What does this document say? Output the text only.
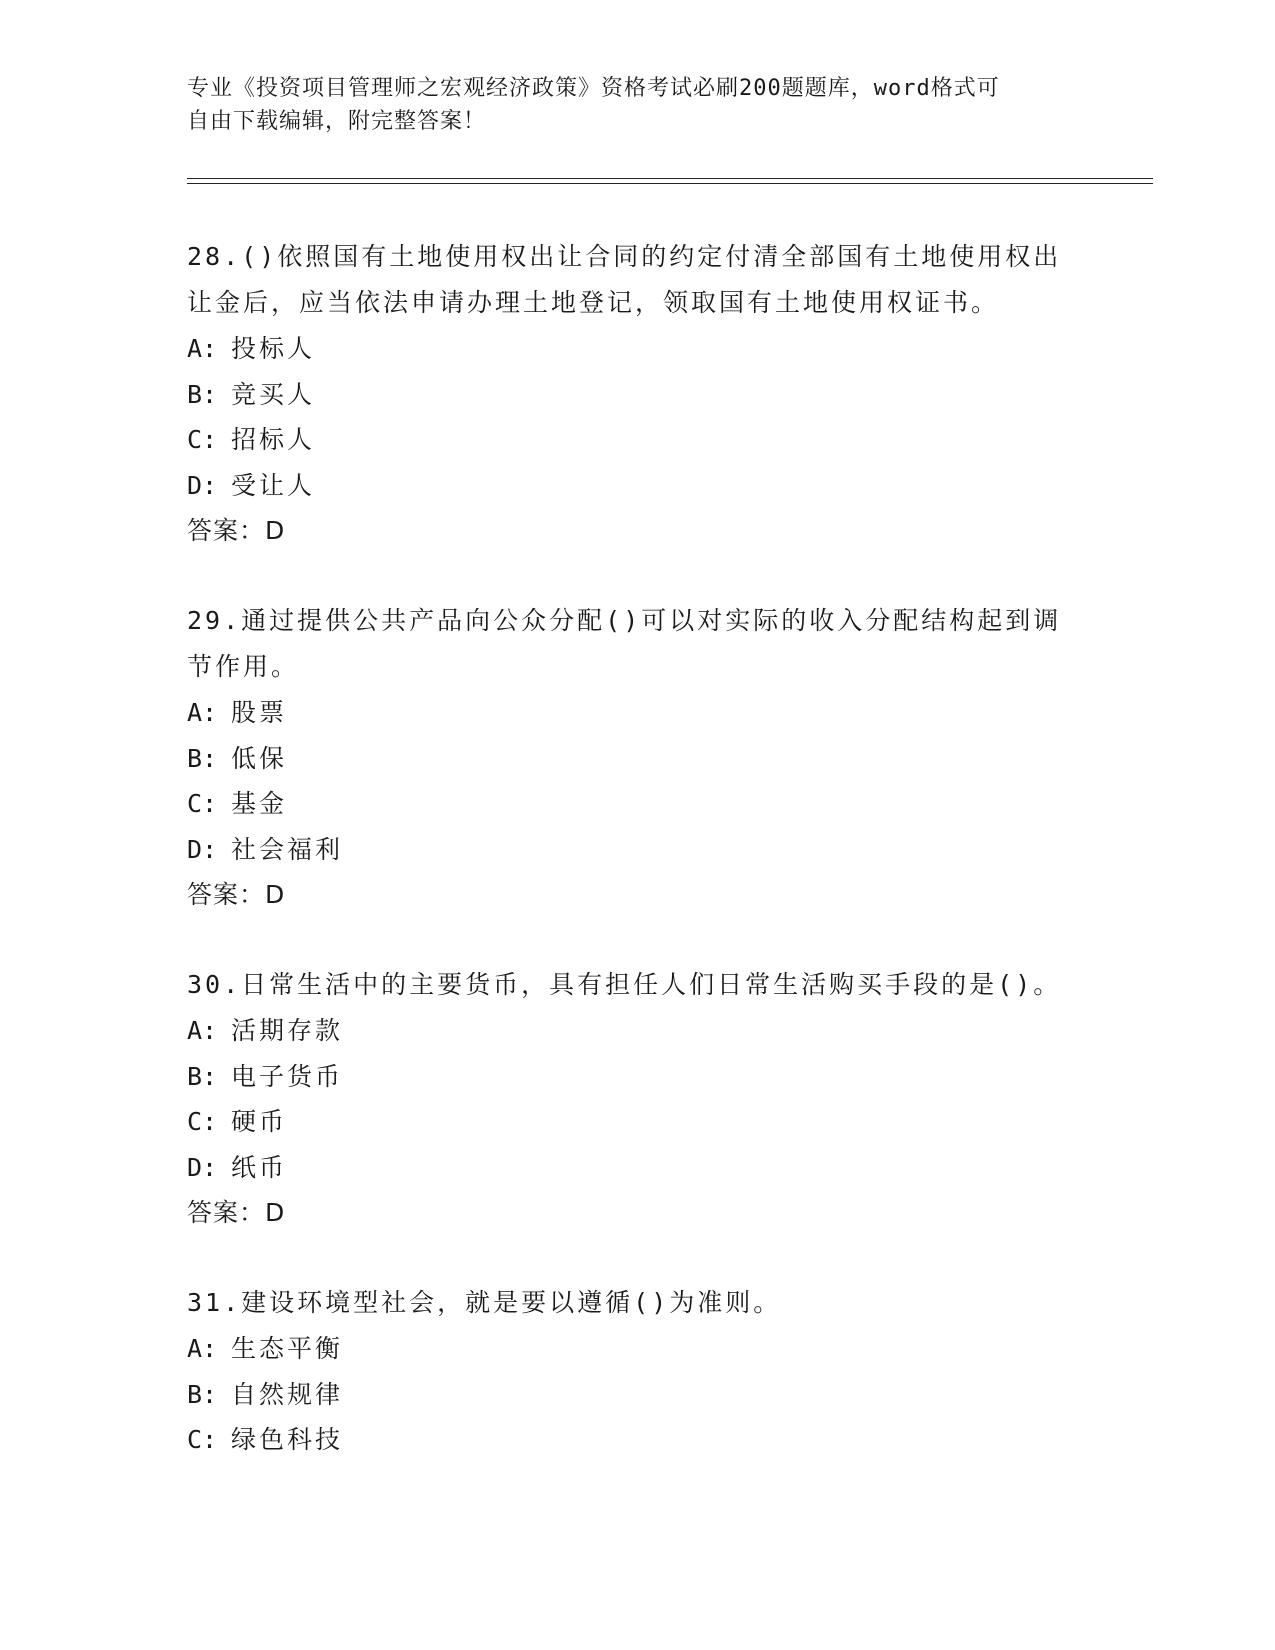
专业《投资项目管理师之宏观经济政策》资格考试必刷200题题库，word格式可
自由下载编辑，附完整答案！

28.()依照国有土地使用权出让合同的约定付清全部国有土地使用权出

让金后，应当依法申请办理土地登记，领取国有土地使用权证书。

A: 投标人

B: 竞买人

C: 招标人

D: 受让人

答案：D

29.通过提供公共产品向公众分配()可以对实际的收入分配结构起到调

节作用。

A: 股票

B: 低保

C: 基金

D: 社会福利

答案：D

30.日常生活中的主要货币，具有担任人们日常生活购买手段的是()。

A: 活期存款

B: 电子货币

C: 硬币

D: 纸币

答案：D

31.建设环境型社会，就是要以遵循()为准则。

A: 生态平衡

B: 自然规律

C: 绿色科技
